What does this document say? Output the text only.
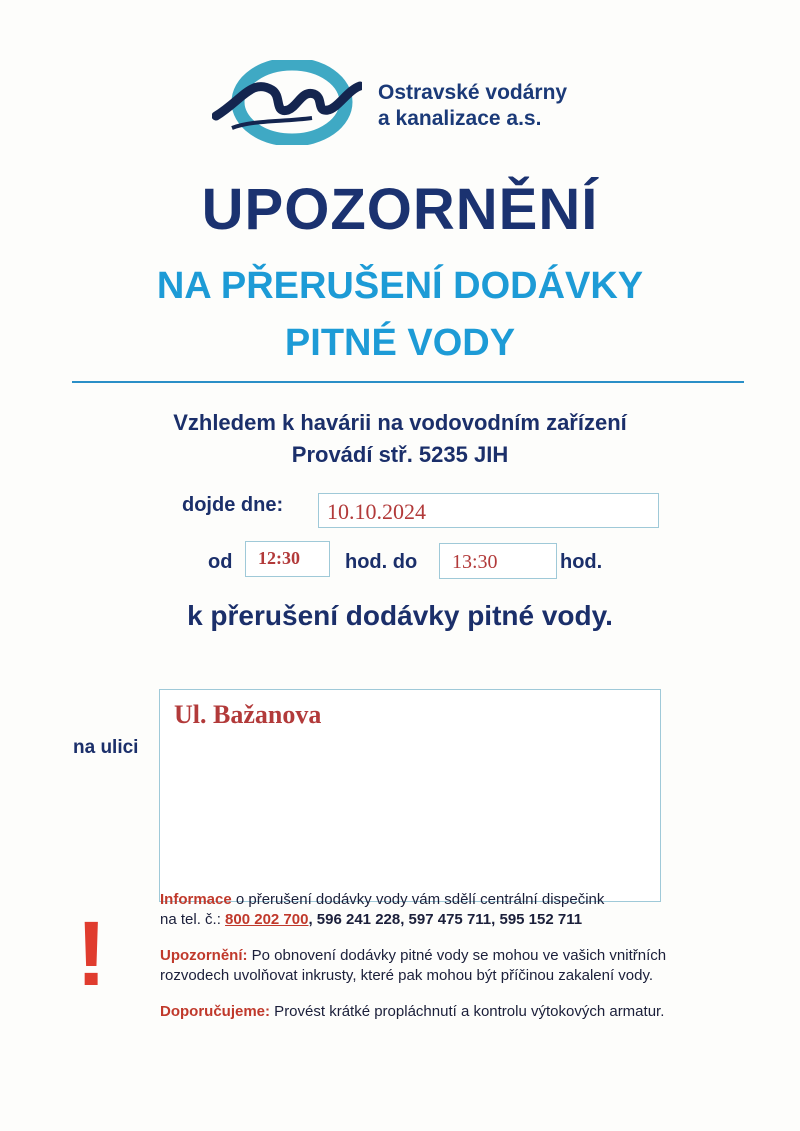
Ostravské vodárny
a kanalizace a.s.
UPOZORNĚNÍ
NA PŘERUŠENÍ DODÁVKY
PITNÉ VODY
Vzhledem k havárii na vodovodním zařízení
Provádí stř. 5235 JIH
dojde dne:	10.10.2024
od	12:30	hod. do	13:30	hod.
k přerušení dodávky pitné vody.
na ulici
Ul. Bažanova
Informace o přerušení dodávky vody vám sdělí centrální dispečink
na tel. č.: 800 202 700, 596 241 228, 597 475 711, 595 152 711
!	Upozornění: Po obnovení dodávky pitné vody se mohou ve vašich vnitřních
rozvodech uvolňovat inkrusty, které pak mohou být příčinou zakalení vody.
Doporučujeme: Provést krátké propláchnutí a kontrolu výtokových armatur.
